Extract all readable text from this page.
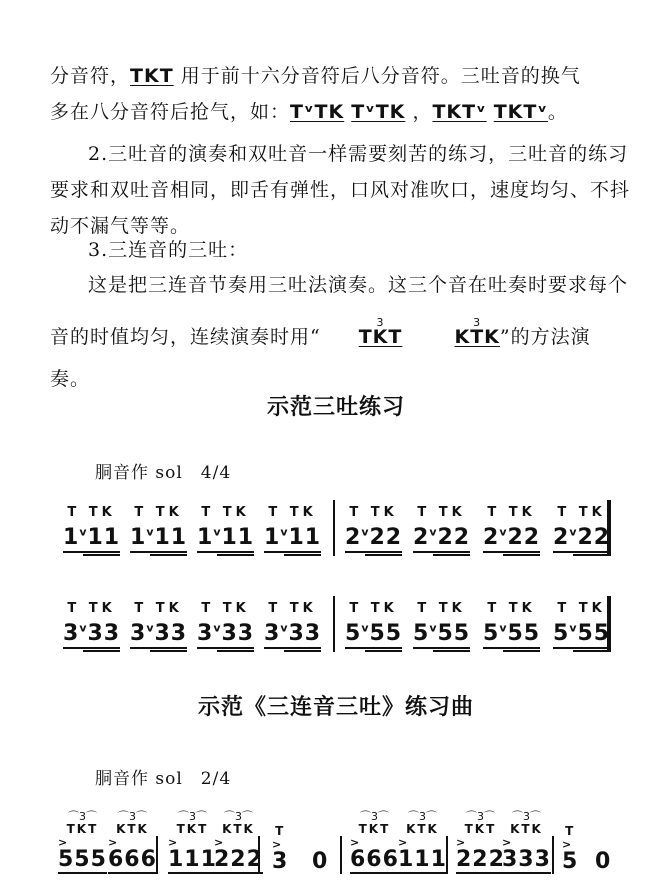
分音符，TKT 用于前十六分音符后八分音符。三吐音的换气
多在八分音符后抢气，如：TᵛTK TᵛTK ，TKTᵛ TKTᵛ。

2.三吐音的演奏和双吐音一样需要刻苦的练习，三吐音的练习要求和双吐音相同，即舌有弹性，口风对准吹口，速度均匀、不抖动不漏气等等。

3.三连音的三吐：

这是把三连音节奏用三吐法演奏。这三个音在吐奏时要求每个音的时值均匀，连续演奏时用“
3
TKT
3
KTK”的方法演奏。

示范三吐练习
胴音作 sol　4/4
T TK
1$^v$11
T TK
1$^v$11
T TK
1$^v$11
T TK
1$^v$11
T TK
2$^v$22
T TK
2$^v$22
T TK
2$^v$22
T TK
2$^v$22
T TK
3$^v$33
T TK
3$^v$33
T TK
3$^v$33
T TK
3$^v$33
T TK
5$^v$55
T TK
5$^v$55
T TK
5$^v$55
T TK
5$^v$55
示范《三连音三吐》练习曲
胴音作 sol　2/4
⌒3⌒
TKT
>
555
⌒3⌒
KTK
>
666
⌒3⌒
TKT
>
111
⌒3⌒
KTK
>
222
T
>
3
0
⌒3⌒
TKT
>
666
⌒3⌒
KTK
>
111
⌒3⌒
TKT
>
222
⌒3⌒
KTK
>
333
T
>
5
0
